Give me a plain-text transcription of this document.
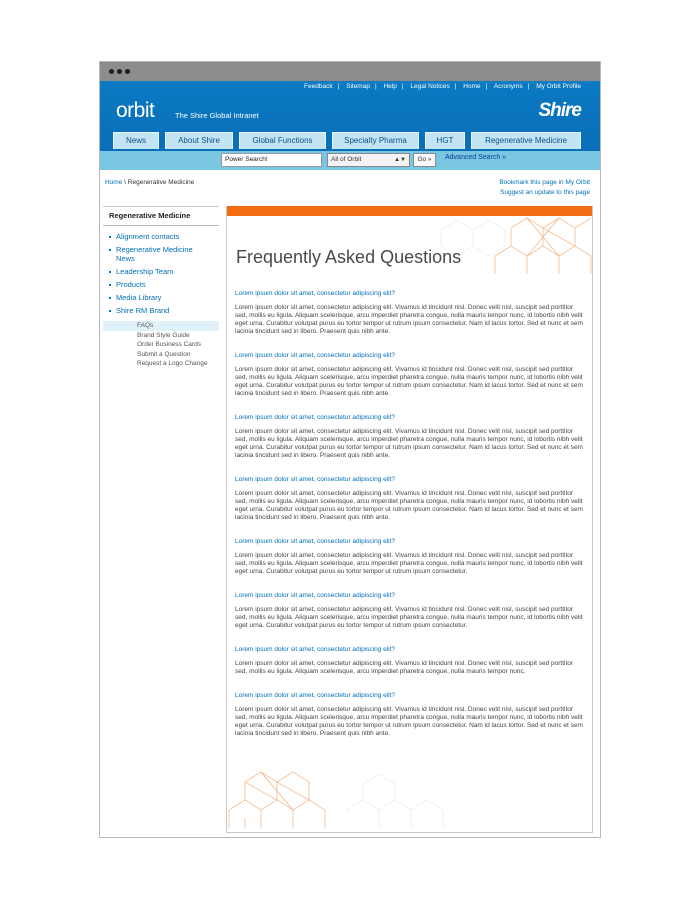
Feedback | Sitemap | Help | Legal Notices | Home | Acronyms | My Orbit Profile
orbit	The Shire Global Intranet	Shire
News	About Shire	Global Functions	Specialty Pharma	HGT	Regenerative Medicine
Power Search!	All of Orbit	▲▼	Go »	Advanced Search »
Home \ Regenerative Medicine	Bookmark this page in My Orbit
Suggest an update to this page
Regenerative Medicine
Alignment contacts
Regenerative Medicine News
Leadership Team
Products
Media Library
Shire RM Brand
FAQs
Brand Style Guide
Order Business Cards
Submit a Question
Request a Logo Change
Frequently Asked Questions

Lorem ipsum dolor sit amet, consectetur adipiscing elit?

Lorem ipsum dolor sit amet, consectetur adipiscing elit. Vivamus id tincidunt nisl. Donec velit nisl, suscipit sed porttitor sed, mollis eu ligula. Aliquam scelerisque, arcu imperdiet pharetra congue, nulla mauris tempor nunc, id lobortis nibh velit eget urna. Curabitur volutpat purus eu tortor tempor ut rutrum ipsum consectetur. Nam id lacus tortor. Sed et nunc et sem lacinia tincidunt sed in libero. Praesent quis nibh ante.

Lorem ipsum dolor sit amet, consectetur adipiscing elit?

Lorem ipsum dolor sit amet, consectetur adipiscing elit. Vivamus id tincidunt nisl. Donec velit nisl, suscipit sed porttitor sed, mollis eu ligula. Aliquam scelerisque, arcu imperdiet pharetra congue, nulla mauris tempor nunc, id lobortis nibh velit eget urna. Curabitur volutpat purus eu tortor tempor ut rutrum ipsum consectetur. Nam id lacus tortor. Sed et nunc et sem lacinia tincidunt sed in libero. Praesent quis nibh ante.

Lorem ipsum dolor sit amet, consectetur adipiscing elit?

Lorem ipsum dolor sit amet, consectetur adipiscing elit. Vivamus id tincidunt nisl. Donec velit nisl, suscipit sed porttitor sed, mollis eu ligula. Aliquam scelerisque, arcu imperdiet pharetra congue, nulla mauris tempor nunc, id lobortis nibh velit eget urna. Curabitur volutpat purus eu tortor tempor ut rutrum ipsum consectetur. Nam id lacus tortor. Sed et nunc et sem lacinia tincidunt sed in libero. Praesent quis nibh ante.

Lorem ipsum dolor sit amet, consectetur adipiscing elit?

Lorem ipsum dolor sit amet, consectetur adipiscing elit. Vivamus id tincidunt nisl. Donec velit nisl, suscipit sed porttitor sed, mollis eu ligula. Aliquam scelerisque, arcu imperdiet pharetra congue, nulla mauris tempor nunc, id lobortis nibh velit eget urna. Curabitur volutpat purus eu tortor tempor ut rutrum ipsum consectetur. Nam id lacus tortor. Sed et nunc et sem lacinia tincidunt sed in libero. Praesent quis nibh ante.

Lorem ipsum dolor sit amet, consectetur adipiscing elit?

Lorem ipsum dolor sit amet, consectetur adipiscing elit. Vivamus id tincidunt nisl. Donec velit nisl, suscipit sed porttitor sed, mollis eu ligula. Aliquam scelerisque, arcu imperdiet pharetra congue, nulla mauris tempor nunc, id lobortis nibh velit eget urna. Curabitur volutpat purus eu tortor tempor ut rutrum ipsum consectetur.

Lorem ipsum dolor sit amet, consectetur adipiscing elit?

Lorem ipsum dolor sit amet, consectetur adipiscing elit. Vivamus id tincidunt nisl. Donec velit nisl, suscipit sed porttitor sed, mollis eu ligula. Aliquam scelerisque, arcu imperdiet pharetra congue, nulla mauris tempor nunc, id lobortis nibh velit eget urna. Curabitur volutpat purus eu tortor tempor ut rutrum ipsum consectetur.

Lorem ipsum dolor sit amet, consectetur adipiscing elit?

Lorem ipsum dolor sit amet, consectetur adipiscing elit. Vivamus id tincidunt nisl. Donec velit nisl, suscipit sed porttitor sed, mollis eu ligula. Aliquam scelerisque, arcu imperdiet pharetra congue, nulla mauris tempor nunc.

Lorem ipsum dolor sit amet, consectetur adipiscing elit?

Lorem ipsum dolor sit amet, consectetur adipiscing elit. Vivamus id tincidunt nisl. Donec velit nisl, suscipit sed porttitor sed, mollis eu ligula. Aliquam scelerisque, arcu imperdiet pharetra congue, nulla mauris tempor nunc, id lobortis nibh velit eget urna. Curabitur volutpat purus eu tortor tempor ut rutrum ipsum consectetur. Nam id lacus tortor. Sed et nunc et sem lacinia tincidunt sed in libero. Praesent quis nibh ante.
